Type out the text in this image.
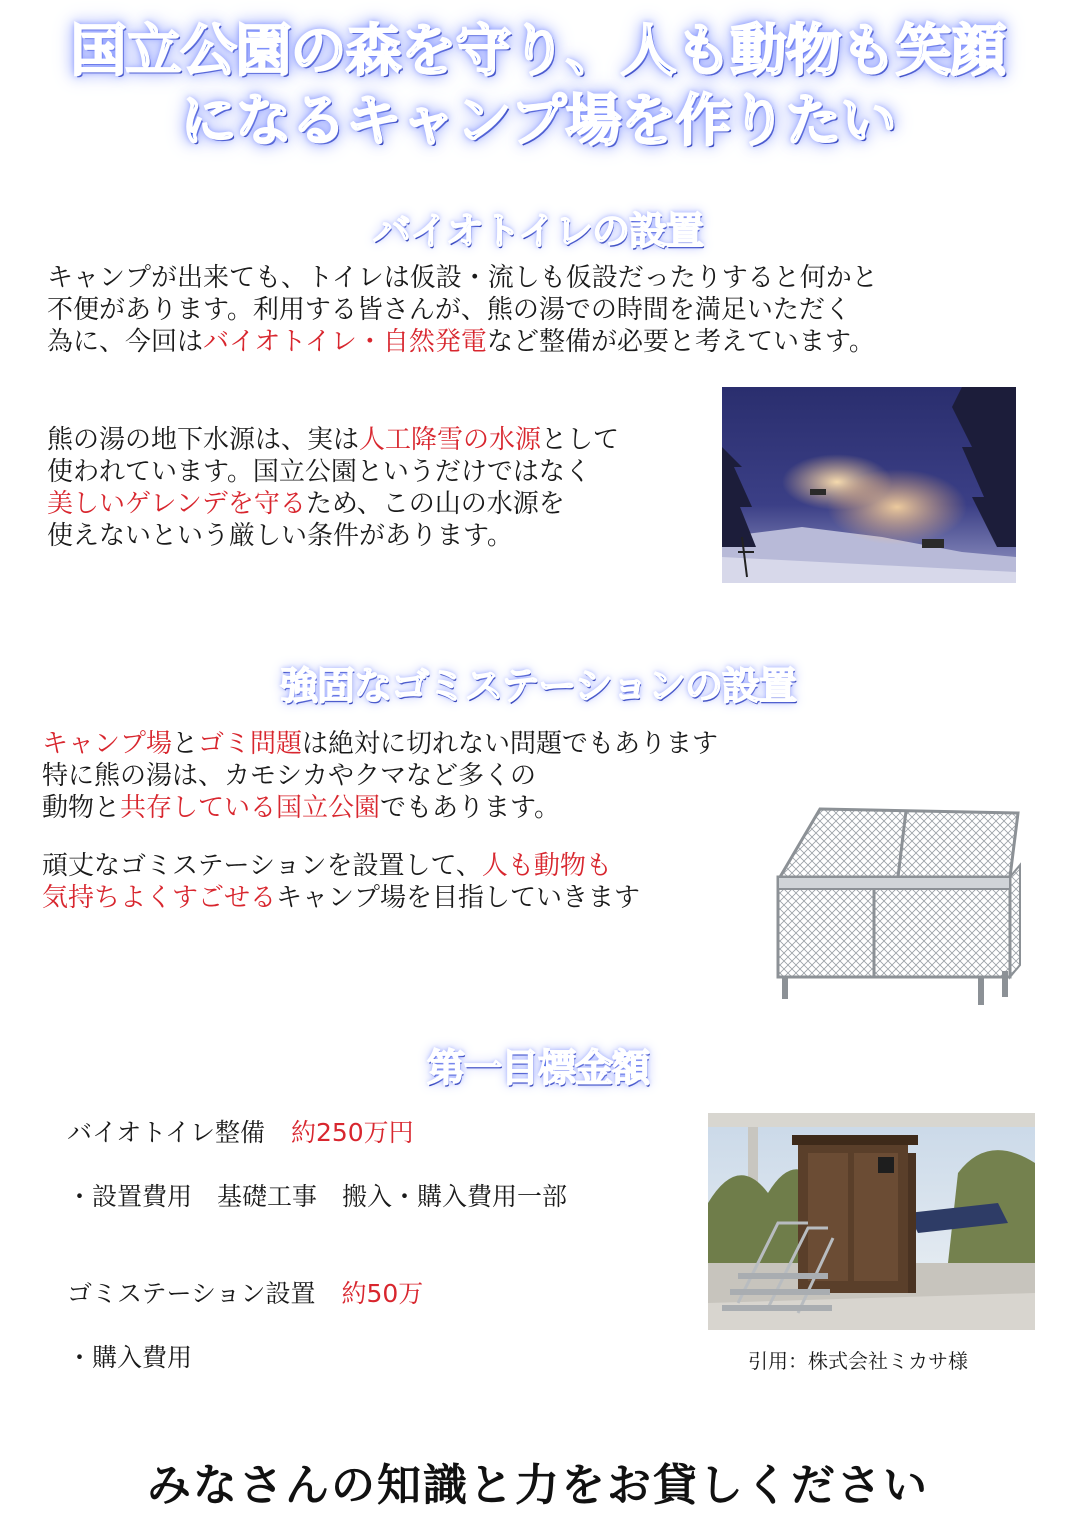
国立公園の森を守り、人も動物も笑顔
になるキャンプ場を作りたい
バイオトイレの設置
キャンプが出来ても、トイレは仮設・流しも仮設だったりすると何かと
不便があります。利用する皆さんが、熊の湯での時間を満足いただく
為に、今回はバイオトイレ・自然発電など整備が必要と考えています。
熊の湯の地下水源は、実は人工降雪の水源として
使われています。国立公園というだけではなく
美しいゲレンデを守るため、この山の水源を
使えないという厳しい条件があります。
強固なゴミステーションの設置
キャンプ場とゴミ問題は絶対に切れない問題でもあります
特に熊の湯は、カモシカやクマなど多くの
動物と共存している国立公園でもあります。
頑丈なゴミステーションを設置して、人も動物も
気持ちよくすごせるキャンプ場を目指していきます
第一目標金額
バイオトイレ整備 約250万円
・設置費用　基礎工事　搬入・購入費用一部
ゴミステーション設置 約50万
・購入費用	引用：株式会社ミカサ様
みなさんの知識と力をお貸しください
